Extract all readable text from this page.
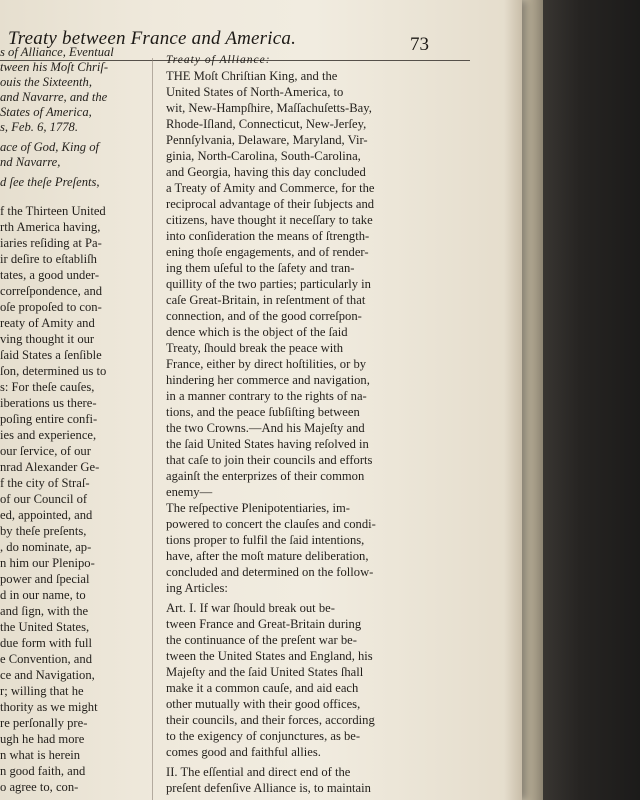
Treaty between France and America.	73
s of Alliance, Eventual
tween his Moſt Chriſ-
ouis the Sixteenth,
and Navarre, and the
States of America,
s, Feb. 6, 1778.
ace of God, King of
nd Navarre,
d ſee theſe Preſents,
f the Thirteen United
rth America having,
iaries reſiding at Pa-
ir deſire to eſtabliſh
tates, a good under-
correſpondence, and
oſe propoſed to con-
reaty of Amity and
ving thought it our
ſaid States a ſenſible
ſon, determined us to
s: For theſe cauſes,
iberations us there-
poſing entire confi-
ies and experience,
our ſervice, of our
nrad Alexander Ge-
f the city of Straſ-
of our Council of
ed, appointed, and
by theſe preſents,
, do nominate, ap-
n him our Plenipo-
power and ſpecial
d in our name, to
and ſign, with the
the United States,
due form with full
e Convention, and
ce and Navigation,
r; willing that he
thority as we might
re perſonally pre-
ugh he had more
n what is herein
n good faith, and
o agree to, con-
Treaty of Alliance:
THE Moſt Chriſtian King, and the
United States of North-America, to
wit, New-Hampſhire, Maſſachuſetts-Bay,
Rhode-Iſland, Connecticut, New-Jerſey,
Pennſylvania, Delaware, Maryland, Vir-
ginia, North-Carolina, South-Carolina,
and Georgia, having this day concluded
a Treaty of Amity and Commerce, for the
reciprocal advantage of their ſubjects and
citizens, have thought it neceſſary to take
into conſideration the means of ſtrength-
ening thoſe engagements, and of render-
ing them uſeful to the ſafety and tran-
quillity of the two parties; particularly in
caſe Great-Britain, in reſentment of that
connection, and of the good correſpon-
dence which is the object of the ſaid
Treaty, ſhould break the peace with
France, either by direct hoſtilities, or by
hindering her commerce and navigation,
in a manner contrary to the rights of na-
tions, and the peace ſubſiſting between
the two Crowns.—And his Majeſty and
the ſaid United States having reſolved in
that caſe to join their councils and efforts
againſt the enterprizes of their common
enemy—
The reſpective Plenipotentiaries, im-
powered to concert the clauſes and condi-
tions proper to fulfil the ſaid intentions,
have, after the moſt mature deliberation,
concluded and determined on the follow-
ing Articles:
Art. I. If war ſhould break out be-
tween France and Great-Britain during
the continuance of the preſent war be-
tween the United States and England, his
Majeſty and the ſaid United States ſhall
make it a common cauſe, and aid each
other mutually with their good offices,
their councils, and their forces, according
to the exigency of conjunctures, as be-
comes good and faithful allies.
II. The eſſential and direct end of the
preſent defenſive Alliance is, to maintain
